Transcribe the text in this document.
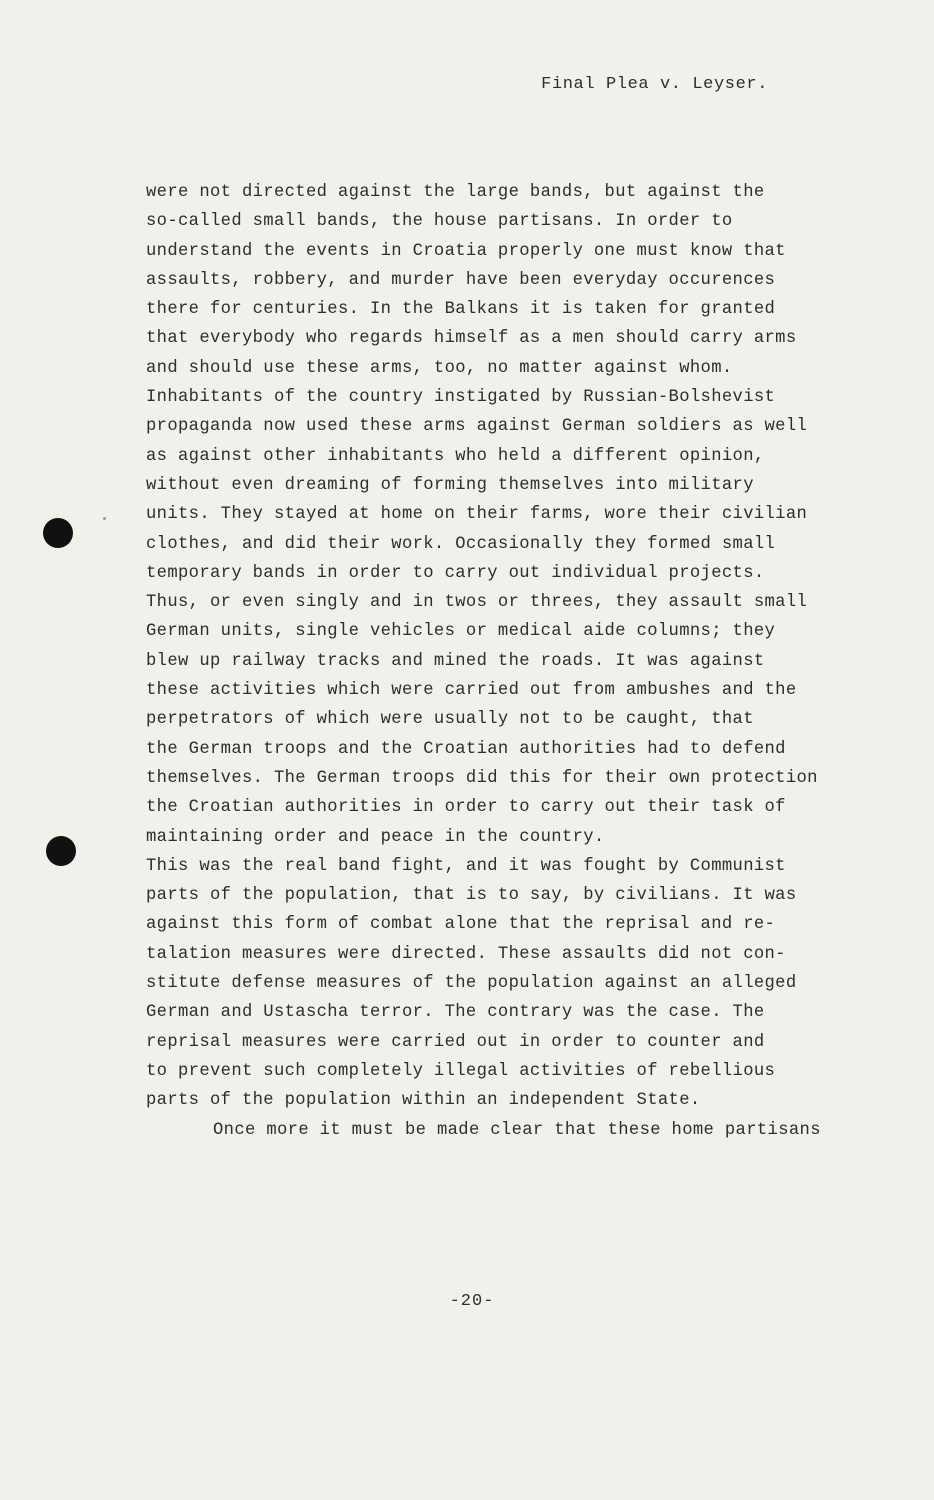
Final Plea v. Leyser.
were not directed against the large bands, but against the
so-called small bands, the house partisans. In order to
understand the events in Croatia properly one must know that
assaults, robbery, and murder have been everyday occurences
there for centuries. In the Balkans it is taken for granted
that everybody who regards himself as a men should carry arms
and should use these arms, too, no matter against whom.
Inhabitants of the country instigated by Russian-Bolshevist
propaganda now used these arms against German soldiers as well
as against other inhabitants who held a different opinion,
without even dreaming of forming themselves into military
units. They stayed at home on their farms, wore their civilian
clothes, and did their work. Occasionally they formed small
temporary bands in order to carry out individual projects.
Thus, or even singly and in twos or threes, they assault small
German units, single vehicles or medical aide columns; they
blew up railway tracks and mined the roads. It was against
these activities which were carried out from ambushes and the
perpetrators of which were usually not to be caught, that
the German troops and the Croatian authorities had to defend
themselves. The German troops did this for their own protection
the Croatian authorities in order to carry out their task of
maintaining order and peace in the country.
This was the real band fight, and it was fought by Communist
parts of the population, that is to say, by civilians. It was
against this form of combat alone that the reprisal and re-
talation measures were directed. These assaults did not con-
stitute defense measures of the population against an alleged
German and Ustascha terror. The contrary was the case. The
reprisal measures were carried out in order to counter and
to prevent such completely illegal activities of rebellious
parts of the population within an independent State.
Once more it must be made clear that these home partisans
-20-
